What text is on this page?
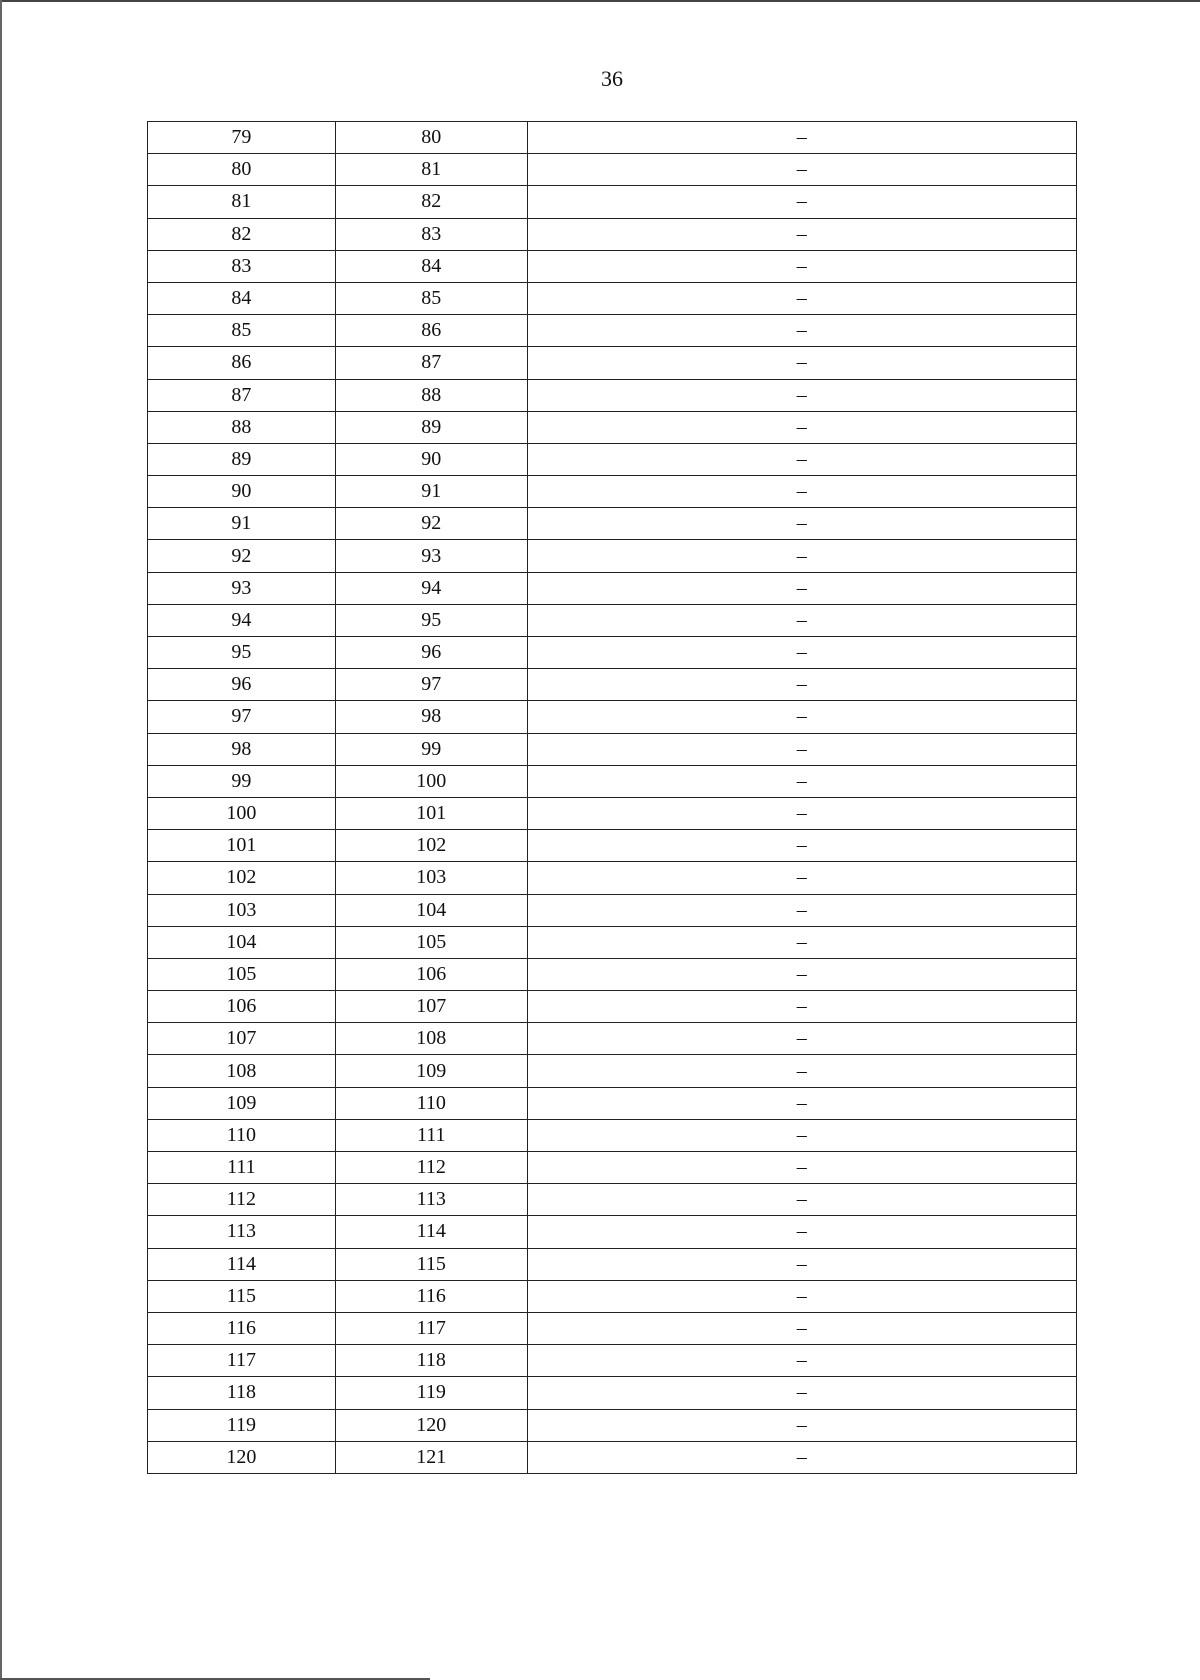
36
79	80	–
80	81	–
81	82	–
82	83	–
83	84	–
84	85	–
85	86	–
86	87	–
87	88	–
88	89	–
89	90	–
90	91	–
91	92	–
92	93	–
93	94	–
94	95	–
95	96	–
96	97	–
97	98	–
98	99	–
99	100	–
100	101	–
101	102	–
102	103	–
103	104	–
104	105	–
105	106	–
106	107	–
107	108	–
108	109	–
109	110	–
110	111	–
111	112	–
112	113	–
113	114	–
114	115	–
115	116	–
116	117	–
117	118	–
118	119	–
119	120	–
120	121	–
